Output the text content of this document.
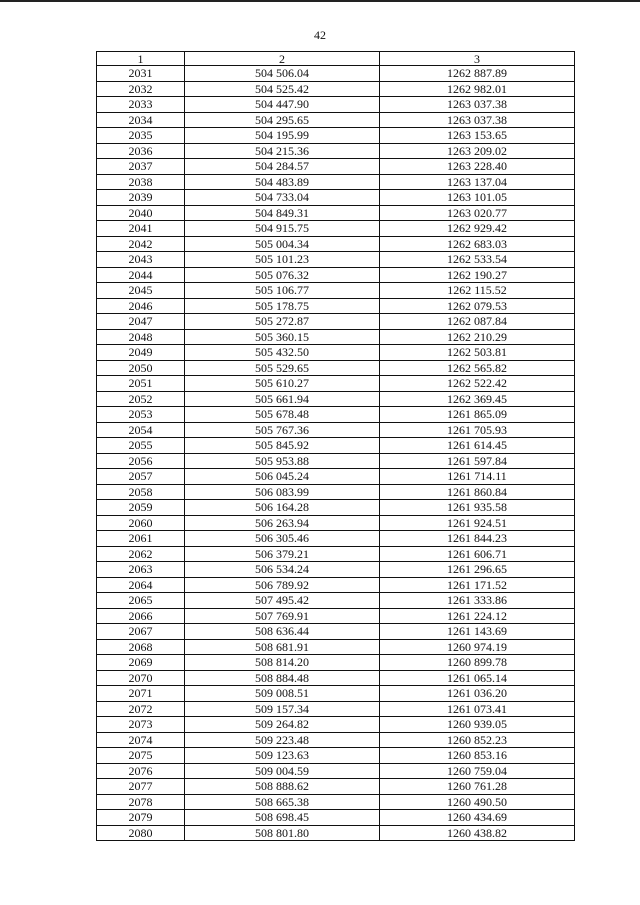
42
1	2	3
2031	504 506.04	1262 887.89
2032	504 525.42	1262 982.01
2033	504 447.90	1263 037.38
2034	504 295.65	1263 037.38
2035	504 195.99	1263 153.65
2036	504 215.36	1263 209.02
2037	504 284.57	1263 228.40
2038	504 483.89	1263 137.04
2039	504 733.04	1263 101.05
2040	504 849.31	1263 020.77
2041	504 915.75	1262 929.42
2042	505 004.34	1262 683.03
2043	505 101.23	1262 533.54
2044	505 076.32	1262 190.27
2045	505 106.77	1262 115.52
2046	505 178.75	1262 079.53
2047	505 272.87	1262 087.84
2048	505 360.15	1262 210.29
2049	505 432.50	1262 503.81
2050	505 529.65	1262 565.82
2051	505 610.27	1262 522.42
2052	505 661.94	1262 369.45
2053	505 678.48	1261 865.09
2054	505 767.36	1261 705.93
2055	505 845.92	1261 614.45
2056	505 953.88	1261 597.84
2057	506 045.24	1261 714.11
2058	506 083.99	1261 860.84
2059	506 164.28	1261 935.58
2060	506 263.94	1261 924.51
2061	506 305.46	1261 844.23
2062	506 379.21	1261 606.71
2063	506 534.24	1261 296.65
2064	506 789.92	1261 171.52
2065	507 495.42	1261 333.86
2066	507 769.91	1261 224.12
2067	508 636.44	1261 143.69
2068	508 681.91	1260 974.19
2069	508 814.20	1260 899.78
2070	508 884.48	1261 065.14
2071	509 008.51	1261 036.20
2072	509 157.34	1261 073.41
2073	509 264.82	1260 939.05
2074	509 223.48	1260 852.23
2075	509 123.63	1260 853.16
2076	509 004.59	1260 759.04
2077	508 888.62	1260 761.28
2078	508 665.38	1260 490.50
2079	508 698.45	1260 434.69
2080	508 801.80	1260 438.82
